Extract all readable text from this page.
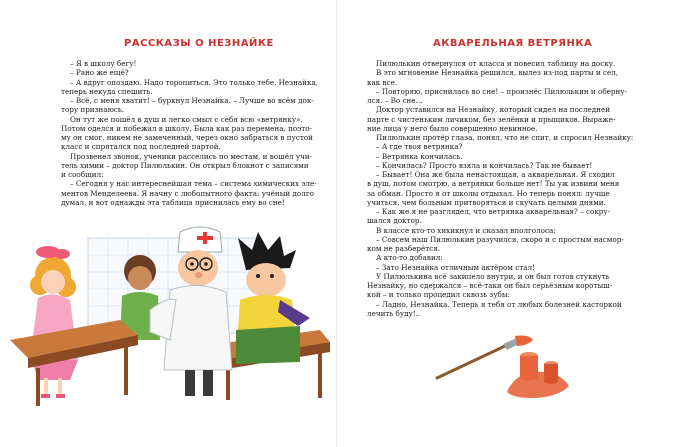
РАССКАЗЫ О НЕЗНАЙКЕ
– Я в школу бегу!
– Рано же ещё?
– А вдруг опоздаю. Надо торопиться. Это только тебе, Незнайка,
теперь некуда спешить.
– Всё, с меня хватит! – буркнул Незнайка. – Лучше во всём док-
тору признаюсь.
Он тут же пошёл в душ и легко смыл с себя всю «ветрянку».
Потом оделся и побежал в школу. Была как раз перемена, поэто-
му он смог, никем не замеченный, через окно забраться в пустой
класс и спрятался под последней партой.
Прозвенел звонок, ученики расселись по местам, и вошёл учи-
тель химии – доктор Пилюлькин. Он открыл блокнот с записями
и сообщил:
– Сегодня у нас интереснейшая тема – система химических эле-
ментов Менделеева. Я начну с любопытного факта: учёный долго
думал, и вот однажды эта таблица приснилась ему во сне!
АКВАРЕЛЬНАЯ ВЕТРЯНКА
Пилюлькин отвернулся от класса и повесил таблицу на доску.
В это мгновение Незнайка решился, вылез из-под парты и сел,
как все.
– Повторяю, приснилась во сне! – произнёс Пилюлькин и оберну-
лся. – Во сне…
Доктор уставился на Незнайку, который сидел на последней
парте с чистеньким личиком, без зелёнки и прыщиков. Выраже-
ние лица у него было совершенно невинное.
Пилюлькин протёр глаза, понял, что не спит, и спросил Незнайку:
– А где твоя ветрянка?
– Ветрянка кончилась.
– Кончилась? Просто взяла и кончилась? Так не бывает!
– Бывает! Она же была ненастоящая, а акварельная. Я сходил
в душ, потом смотрю, а ветрянки больше нет! Ты уж извини меня
за обман. Просто я от школы отдыхал. Но теперь понял: лучше
учиться, чем больным притворяться и скучать целыми днями.
– Как же я не разглядел, что ветрянка акварельная? – сокру-
шался доктор.
В классе кто-то хихикнул и сказал вполголоса:
– Совсем наш Пилюлькин разучился, скоро и с простым насмор-
ком не разберётся.
А кто-то добавил:
– Зато Незнайка отличным актёром стал!
У Пилюлькина всё закипело внутри, и он был готов стукнуть
Незнайку, но сдержался – всё-таки он был серьёзным коротыш-
кой – и только процедил сквозь зубы:
– Ладно, Незнайка. Теперь я тебя от любых болезней касторкой
лечить буду!..
